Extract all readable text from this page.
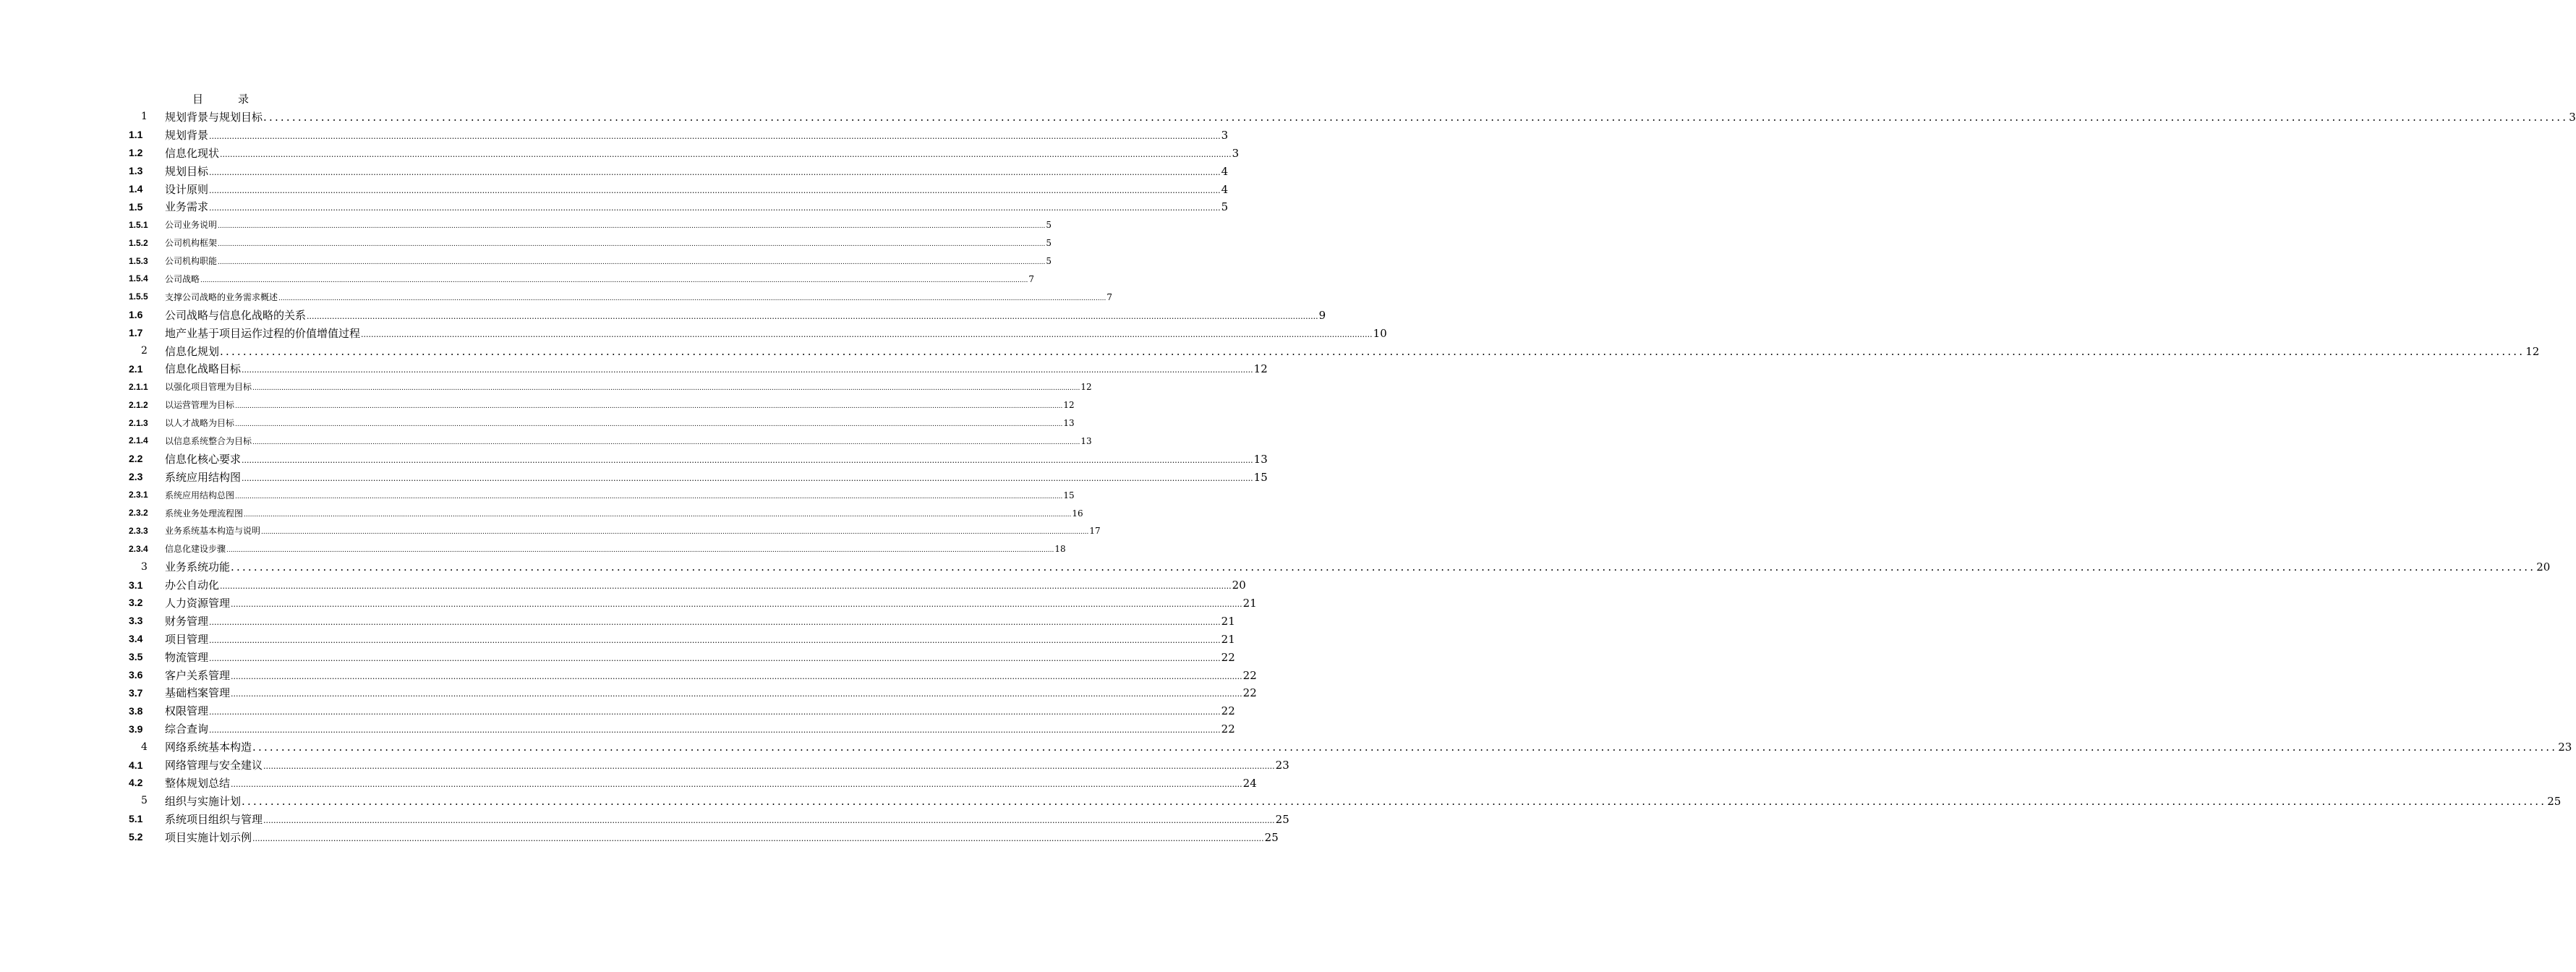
目	录
1 规划背景与规划目标 ................................................................................................................................................................................................................................................................................................................................................................................................................ 3
1.1 规划背景 ................................................................................................................................................................................................................................................................................................................................................................................................................ 3
1.2 信息化现状 ................................................................................................................................................................................................................................................................................................................................................................................................................ 3
1.3 规划目标 ................................................................................................................................................................................................................................................................................................................................................................................................................ 4
1.4 设计原则 ................................................................................................................................................................................................................................................................................................................................................................................................................ 4
1.5 业务需求 ................................................................................................................................................................................................................................................................................................................................................................................................................ 5
1.5.1 公司业务说明 ................................................................................................................................................................................................................................................................................................................................................................................................................ 5
1.5.2 公司机构框架 ................................................................................................................................................................................................................................................................................................................................................................................................................ 5
1.5.3 公司机构职能 ................................................................................................................................................................................................................................................................................................................................................................................................................ 5
1.5.4 公司战略 ................................................................................................................................................................................................................................................................................................................................................................................................................ 7
1.5.5 支撑公司战略的业务需求概述 ................................................................................................................................................................................................................................................................................................................................................................................................................ 7
1.6 公司战略与信息化战略的关系 ................................................................................................................................................................................................................................................................................................................................................................................................................ 9
1.7 地产业基于项目运作过程的价值增值过程 ................................................................................................................................................................................................................................................................................................................................................................................................................ 10
2 信息化规划 ................................................................................................................................................................................................................................................................................................................................................................................................................ 12
2.1 信息化战略目标 ................................................................................................................................................................................................................................................................................................................................................................................................................ 12
2.1.1 以强化项目管理为目标 ................................................................................................................................................................................................................................................................................................................................................................................................................ 12
2.1.2 以运营管理为目标 ................................................................................................................................................................................................................................................................................................................................................................................................................ 12
2.1.3 以人才战略为目标 ................................................................................................................................................................................................................................................................................................................................................................................................................ 13
2.1.4 以信息系统整合为目标 ................................................................................................................................................................................................................................................................................................................................................................................................................ 13
2.2 信息化核心要求 ................................................................................................................................................................................................................................................................................................................................................................................................................ 13
2.3 系统应用结构图 ................................................................................................................................................................................................................................................................................................................................................................................................................ 15
2.3.1 系统应用结构总图 ................................................................................................................................................................................................................................................................................................................................................................................................................ 15
2.3.2 系统业务处理流程图 ................................................................................................................................................................................................................................................................................................................................................................................................................ 16
2.3.3 业务系统基本构造与说明 ................................................................................................................................................................................................................................................................................................................................................................................................................ 17
2.3.4 信息化建设步骤 ................................................................................................................................................................................................................................................................................................................................................................................................................ 18
3 业务系统功能 ................................................................................................................................................................................................................................................................................................................................................................................................................ 20
3.1 办公自动化 ................................................................................................................................................................................................................................................................................................................................................................................................................ 20
3.2 人力资源管理 ................................................................................................................................................................................................................................................................................................................................................................................................................ 21
3.3 财务管理 ................................................................................................................................................................................................................................................................................................................................................................................................................ 21
3.4 项目管理 ................................................................................................................................................................................................................................................................................................................................................................................................................ 21
3.5 物流管理 ................................................................................................................................................................................................................................................................................................................................................................................................................ 22
3.6 客户关系管理 ................................................................................................................................................................................................................................................................................................................................................................................................................ 22
3.7 基础档案管理 ................................................................................................................................................................................................................................................................................................................................................................................................................ 22
3.8 权限管理 ................................................................................................................................................................................................................................................................................................................................................................................................................ 22
3.9 综合查询 ................................................................................................................................................................................................................................................................................................................................................................................................................ 22
4 网络系统基本构造 ................................................................................................................................................................................................................................................................................................................................................................................................................ 23
4.1 网络管理与安全建议 ................................................................................................................................................................................................................................................................................................................................................................................................................ 23
4.2 整体规划总结 ................................................................................................................................................................................................................................................................................................................................................................................................................ 24
5 组织与实施计划 ................................................................................................................................................................................................................................................................................................................................................................................................................ 25
5.1 系统项目组织与管理 ................................................................................................................................................................................................................................................................................................................................................................................................................ 25
5.2 项目实施计划示例 ................................................................................................................................................................................................................................................................................................................................................................................................................ 25
